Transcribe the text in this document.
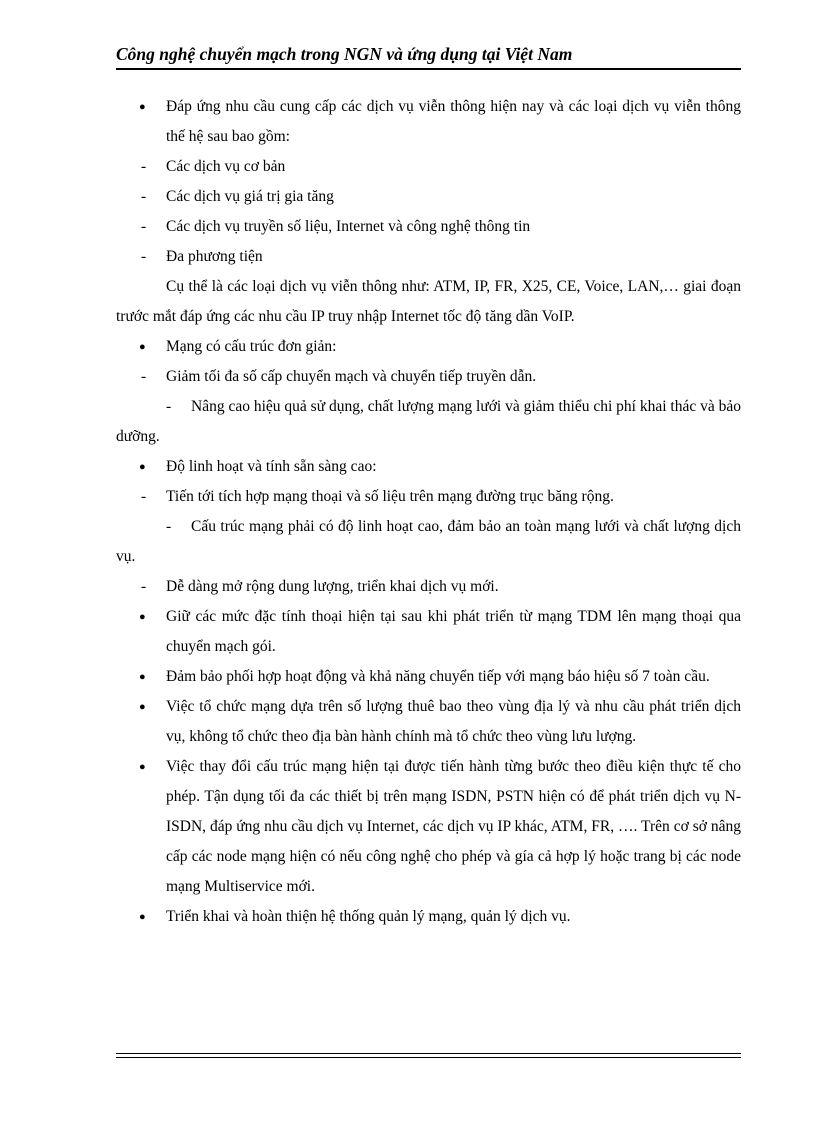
Công nghệ chuyển mạch trong NGN và ứng dụng tại Việt Nam
● Đáp ứng nhu cầu cung cấp các dịch vụ viễn thông hiện nay và các loại dịch vụ viễn thông thế hệ sau bao gồm:
- Các dịch vụ cơ bản
- Các dịch vụ giá trị gia tăng
- Các dịch vụ truyền số liệu, Internet và công nghệ thông tin
- Đa phương tiện
Cụ thể là các loại dịch vụ viễn thông như: ATM, IP, FR, X25, CE, Voice, LAN,… giai đoạn trước mắt đáp ứng các nhu cầu IP truy nhập Internet tốc độ tăng dần VoIP.
● Mạng có cấu trúc đơn giản:
- Giảm tối đa số cấp chuyển mạch và chuyển tiếp truyền dẫn.
- Nâng cao hiệu quả sử dụng, chất lượng mạng lưới và giảm thiểu chi phí khai thác và bảo dưỡng.
● Độ linh hoạt và tính sẵn sàng cao:
- Tiến tới tích hợp mạng thoại và số liệu trên mạng đường trục băng rộng.
- Cấu trúc mạng phải có độ linh hoạt cao, đảm bảo an toàn mạng lưới và chất lượng dịch vụ.
- Dễ dàng mở rộng dung lượng, triển khai dịch vụ mới.
● Giữ các mức đặc tính thoại hiện tại sau khi phát triển từ mạng TDM lên mạng thoại qua chuyển mạch gói.
● Đảm bảo phối hợp hoạt động và khả năng chuyển tiếp với mạng báo hiệu số 7 toàn cầu.
● Việc tổ chức mạng dựa trên số lượng thuê bao theo vùng địa lý và nhu cầu phát triển dịch vụ, không tổ chức theo địa bàn hành chính mà tổ chức theo vùng lưu lượng.
● Việc thay đổi cấu trúc mạng hiện tại được tiến hành từng bước theo điều kiện thực tế cho phép. Tận dụng tối đa các thiết bị trên mạng ISDN, PSTN hiện có để phát triển dịch vụ N-ISDN, đáp ứng nhu cầu dịch vụ Internet, các dịch vụ IP khác, ATM, FR, …. Trên cơ sở nâng cấp các node mạng hiện có nếu công nghệ cho phép và gía cả hợp lý hoặc trang bị các node mạng Multiservice mới.
● Triển khai và hoàn thiện hệ thống quản lý mạng, quản lý dịch vụ.
